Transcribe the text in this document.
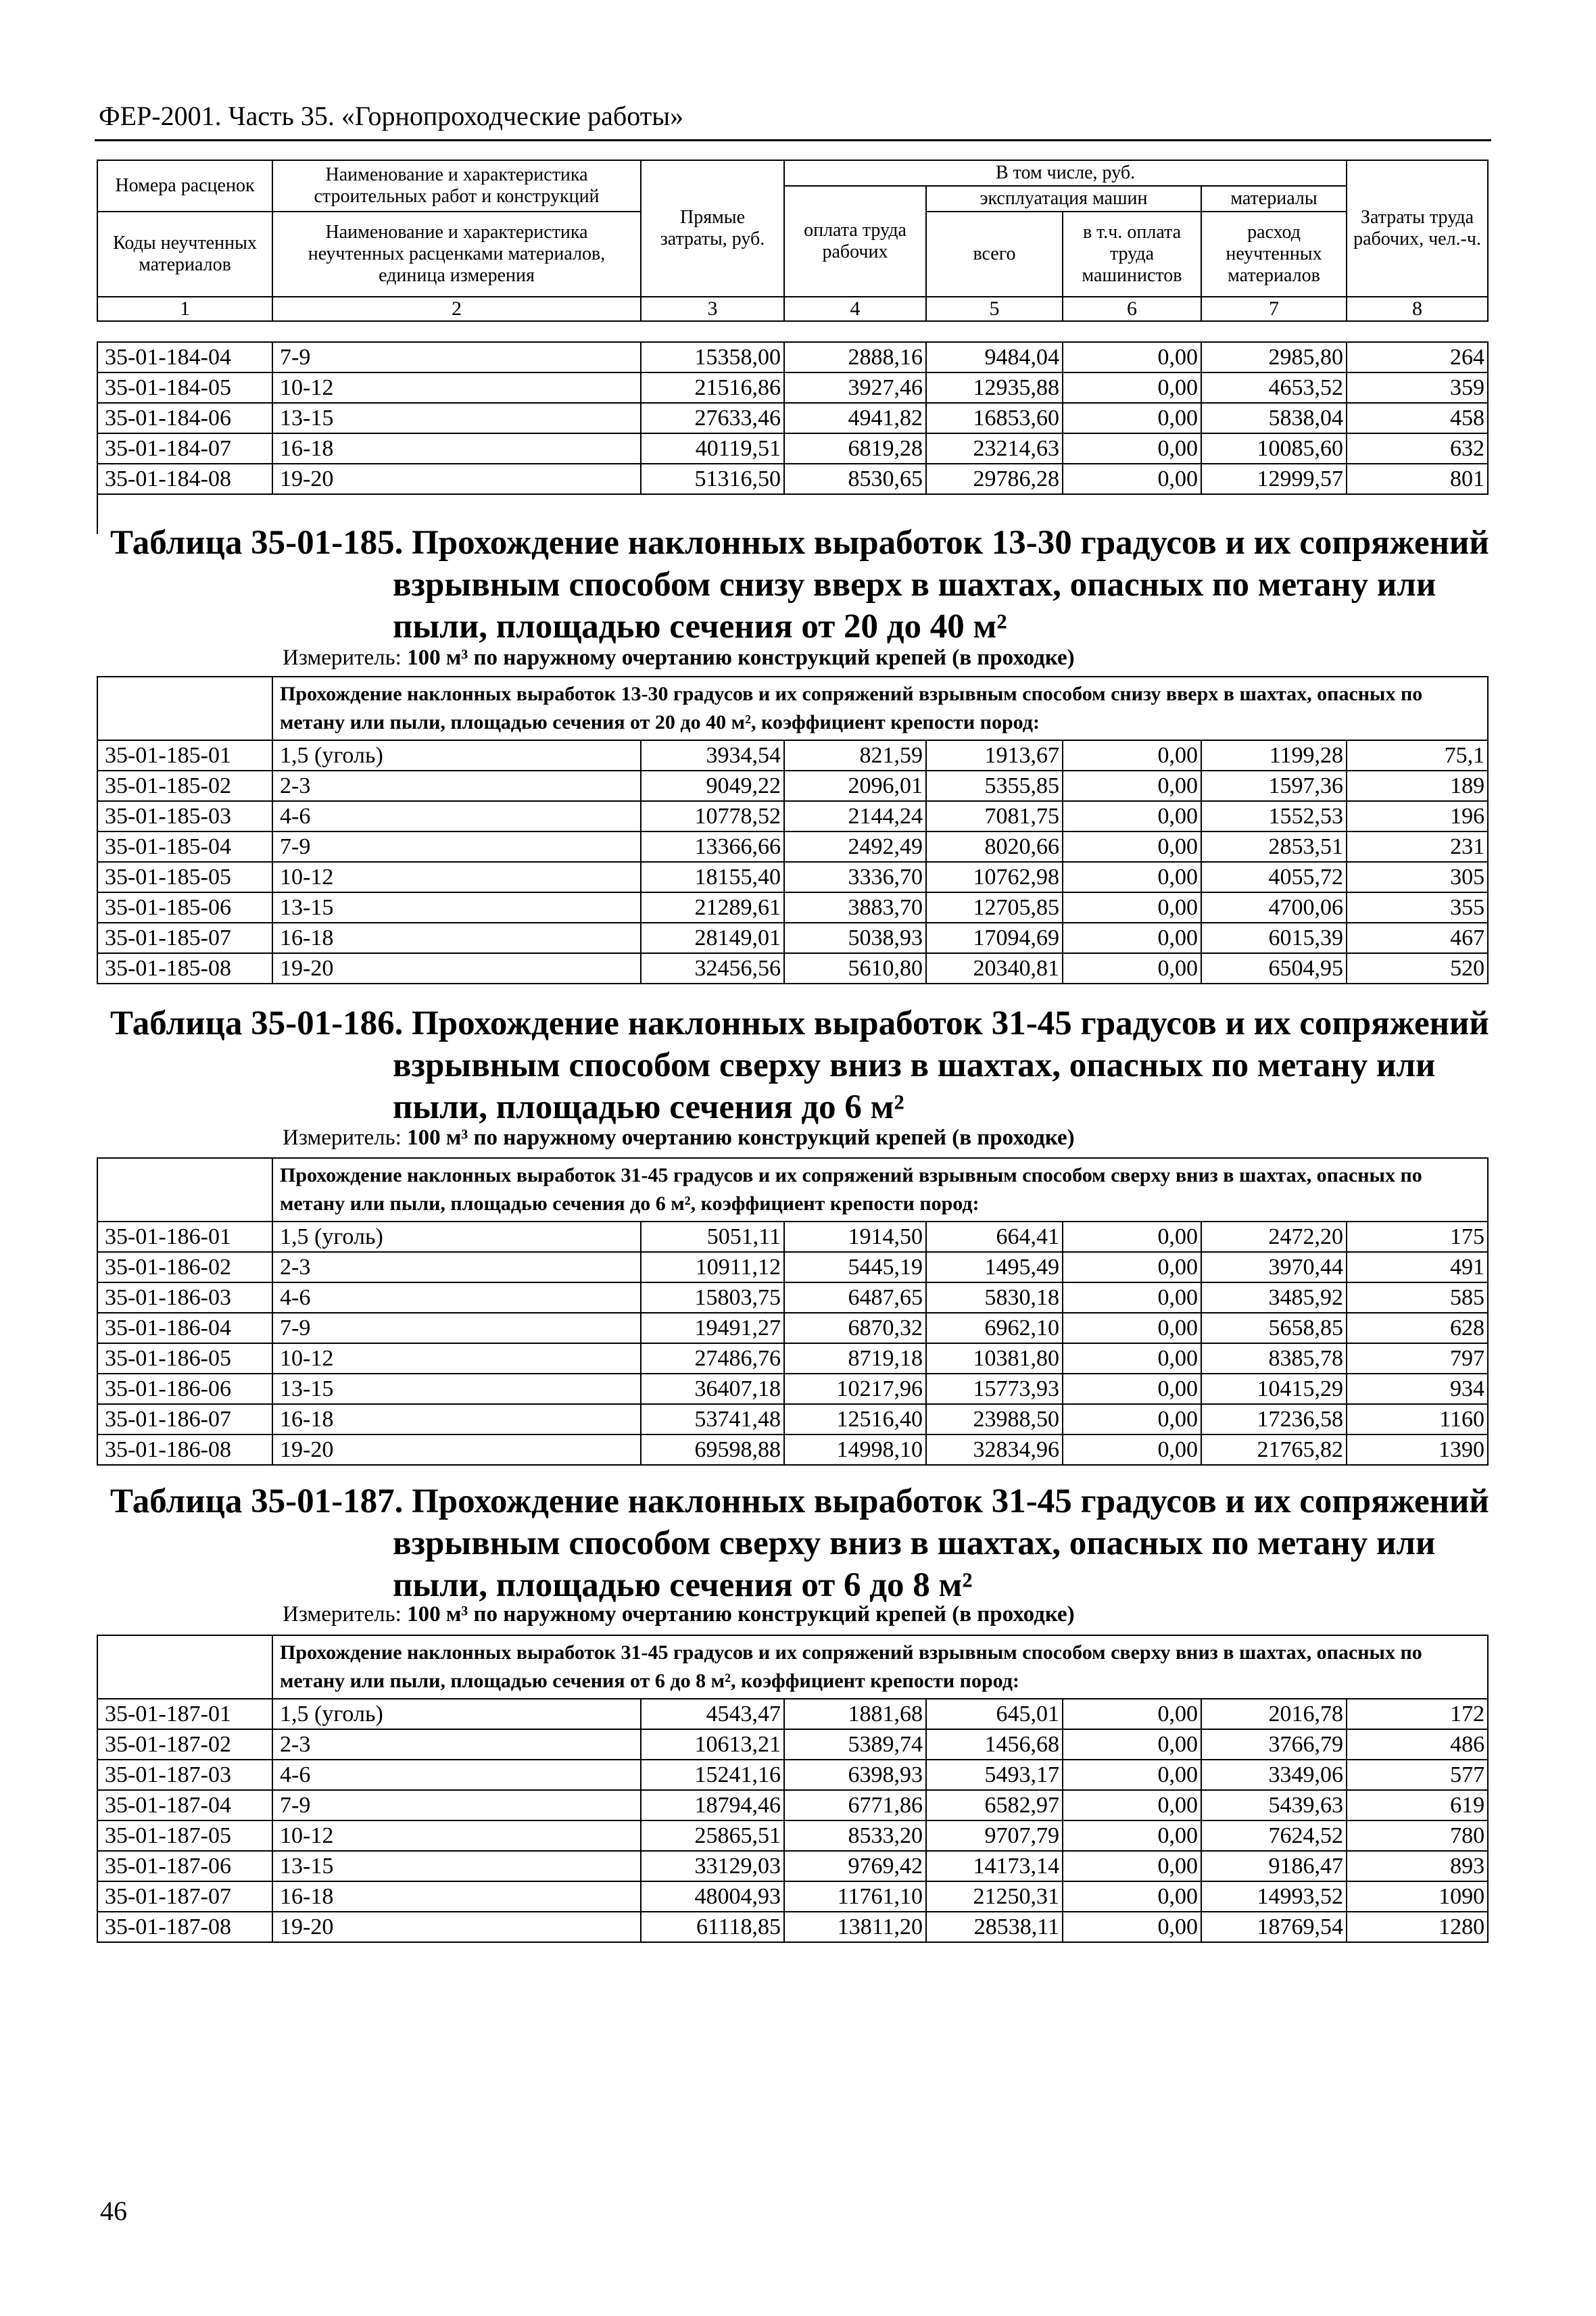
ФЕР-2001. Часть 35. «Горнопроходческие работы»
Номера расценок	Наименование и характеристика строительных работ и конструкций	Прямые затраты, руб.	В том числе, руб.				Затраты труда рабочих, чел.-ч.
			оплата труда рабочих	эксплуатация машин		материалы	
Коды неучтенных материалов	Наименование и характеристика неучтенных расценками материалов, единица измерения			всего	в т.ч. оплата труда машинистов	расход неучтенных материалов	

1	2	3	4	5	6	7	8
35-01-184-04	7-9	15358,00	2888,16	9484,04	0,00	2985,80	264
35-01-184-05	10-12	21516,86	3927,46	12935,88	0,00	4653,52	359
35-01-184-06	13-15	27633,46	4941,82	16853,60	0,00	5838,04	458
35-01-184-07	16-18	40119,51	6819,28	23214,63	0,00	10085,60	632
35-01-184-08	19-20	51316,50	8530,65	29786,28	0,00	12999,57	801
Таблица 35-01-185. Прохождение наклонных выработок 13-30 градусов и их сопряжений
взрывным способом снизу вверх в шахтах, опасных по метану или
пыли, площадью сечения от 20 до 40 м²
Измеритель: 100 м³ по наружному очертанию конструкций крепей (в проходке)
	Прохождение наклонных выработок 13-30 градусов и их сопряжений взрывным способом снизу вверх в шахтах, опасных по метану или пыли, площадью сечения от 20 до 40 м², коэффициент крепости пород:						
35-01-185-01	1,5 (уголь)	3934,54	821,59	1913,67	0,00	1199,28	75,1
35-01-185-02	2-3	9049,22	2096,01	5355,85	0,00	1597,36	189
35-01-185-03	4-6	10778,52	2144,24	7081,75	0,00	1552,53	196
35-01-185-04	7-9	13366,66	2492,49	8020,66	0,00	2853,51	231
35-01-185-05	10-12	18155,40	3336,70	10762,98	0,00	4055,72	305
35-01-185-06	13-15	21289,61	3883,70	12705,85	0,00	4700,06	355
35-01-185-07	16-18	28149,01	5038,93	17094,69	0,00	6015,39	467
35-01-185-08	19-20	32456,56	5610,80	20340,81	0,00	6504,95	520
Таблица 35-01-186. Прохождение наклонных выработок 31-45 градусов и их сопряжений
взрывным способом сверху вниз в шахтах, опасных по метану или
пыли, площадью сечения до 6 м²
Измеритель: 100 м³ по наружному очертанию конструкций крепей (в проходке)
	Прохождение наклонных выработок 31-45 градусов и их сопряжений взрывным способом сверху вниз в шахтах, опасных по метану или пыли, площадью сечения до 6 м², коэффициент крепости пород:						
35-01-186-01	1,5 (уголь)	5051,11	1914,50	664,41	0,00	2472,20	175
35-01-186-02	2-3	10911,12	5445,19	1495,49	0,00	3970,44	491
35-01-186-03	4-6	15803,75	6487,65	5830,18	0,00	3485,92	585
35-01-186-04	7-9	19491,27	6870,32	6962,10	0,00	5658,85	628
35-01-186-05	10-12	27486,76	8719,18	10381,80	0,00	8385,78	797
35-01-186-06	13-15	36407,18	10217,96	15773,93	0,00	10415,29	934
35-01-186-07	16-18	53741,48	12516,40	23988,50	0,00	17236,58	1160
35-01-186-08	19-20	69598,88	14998,10	32834,96	0,00	21765,82	1390
Таблица 35-01-187. Прохождение наклонных выработок 31-45 градусов и их сопряжений
взрывным способом сверху вниз в шахтах, опасных по метану или
пыли, площадью сечения от 6 до 8 м²
Измеритель: 100 м³ по наружному очертанию конструкций крепей (в проходке)
	Прохождение наклонных выработок 31-45 градусов и их сопряжений взрывным способом сверху вниз в шахтах, опасных по метану или пыли, площадью сечения от 6 до 8 м², коэффициент крепости пород:						
35-01-187-01	1,5 (уголь)	4543,47	1881,68	645,01	0,00	2016,78	172
35-01-187-02	2-3	10613,21	5389,74	1456,68	0,00	3766,79	486
35-01-187-03	4-6	15241,16	6398,93	5493,17	0,00	3349,06	577
35-01-187-04	7-9	18794,46	6771,86	6582,97	0,00	5439,63	619
35-01-187-05	10-12	25865,51	8533,20	9707,79	0,00	7624,52	780
35-01-187-06	13-15	33129,03	9769,42	14173,14	0,00	9186,47	893
35-01-187-07	16-18	48004,93	11761,10	21250,31	0,00	14993,52	1090
35-01-187-08	19-20	61118,85	13811,20	28538,11	0,00	18769,54	1280
46
